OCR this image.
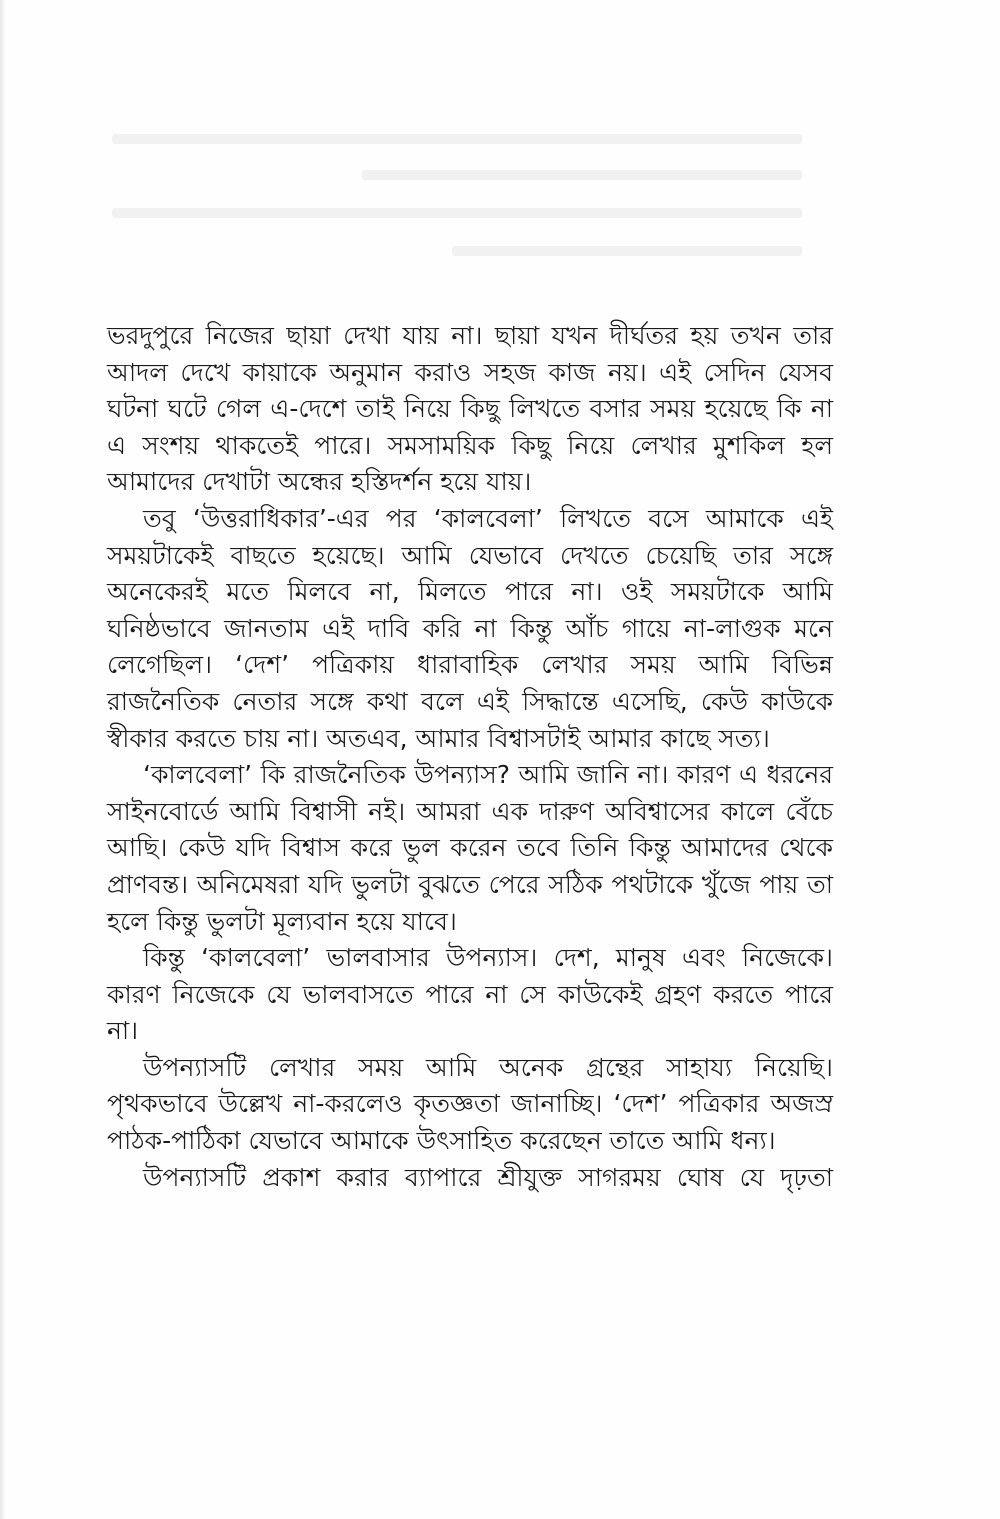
ভরদুপুরে নিজের ছায়া দেখা যায় না। ছায়া যখন দীর্ঘতর হয় তখন তার আদল দেখে কায়াকে অনুমান করাও সহজ কাজ নয়। এই সেদিন যেসব ঘটনা ঘটে গেল এ-দেশে তাই নিয়ে কিছু লিখতে বসার সময় হয়েছে কি না এ সংশয় থাকতেই পারে। সমসাময়িক কিছু নিয়ে লেখার মুশকিল হল আমাদের দেখাটা অন্ধের হস্তিদর্শন হয়ে যায়।

তবু ‘উত্তরাধিকার’-এর পর ‘কালবেলা’ লিখতে বসে আমাকে এই সময়টাকেই বাছতে হয়েছে। আমি যেভাবে দেখতে চেয়েছি তার সঙ্গে অনেকেরই মতে মিলবে না, মিলতে পারে না। ওই সময়টাকে আমি ঘনিষ্ঠভাবে জানতাম এই দাবি করি না কিন্তু আঁচ গায়ে না-লাগুক মনে লেগেছিল। ‘দেশ’ পত্রিকায় ধারাবাহিক লেখার সময় আমি বিভিন্ন রাজনৈতিক নেতার সঙ্গে কথা বলে এই সিদ্ধান্তে এসেছি, কেউ কাউকে স্বীকার করতে চায় না। অতএব, আমার বিশ্বাসটাই আমার কাছে সত্য।

‘কালবেলা’ কি রাজনৈতিক উপন্যাস? আমি জানি না। কারণ এ ধরনের সাইনবোর্ডে আমি বিশ্বাসী নই। আমরা এক দারুণ অবিশ্বাসের কালে বেঁচে আছি। কেউ যদি বিশ্বাস করে ভুল করেন তবে তিনি কিন্তু আমাদের থেকে প্রাণবন্ত। অনিমেষরা যদি ভুলটা বুঝতে পেরে সঠিক পথটাকে খুঁজে পায় তা হলে কিন্তু ভুলটা মূল্যবান হয়ে যাবে।

কিন্তু ‘কালবেলা’ ভালবাসার উপন্যাস। দেশ, মানুষ এবং নিজেকে। কারণ নিজেকে যে ভালবাসতে পারে না সে কাউকেই গ্রহণ করতে পারে না।

উপন্যাসটি লেখার সময় আমি অনেক গ্রন্থের সাহায্য নিয়েছি। পৃথকভাবে উল্লেখ না-করলেও কৃতজ্ঞতা জানাচ্ছি। ‘দেশ’ পত্রিকার অজস্র পাঠক-পাঠিকা যেভাবে আমাকে উৎসাহিত করেছেন তাতে আমি ধন্য।

উপন্যাসটি প্রকাশ করার ব্যাপারে শ্রীযুক্ত সাগরময় ঘোষ যে দৃঢ়তা
